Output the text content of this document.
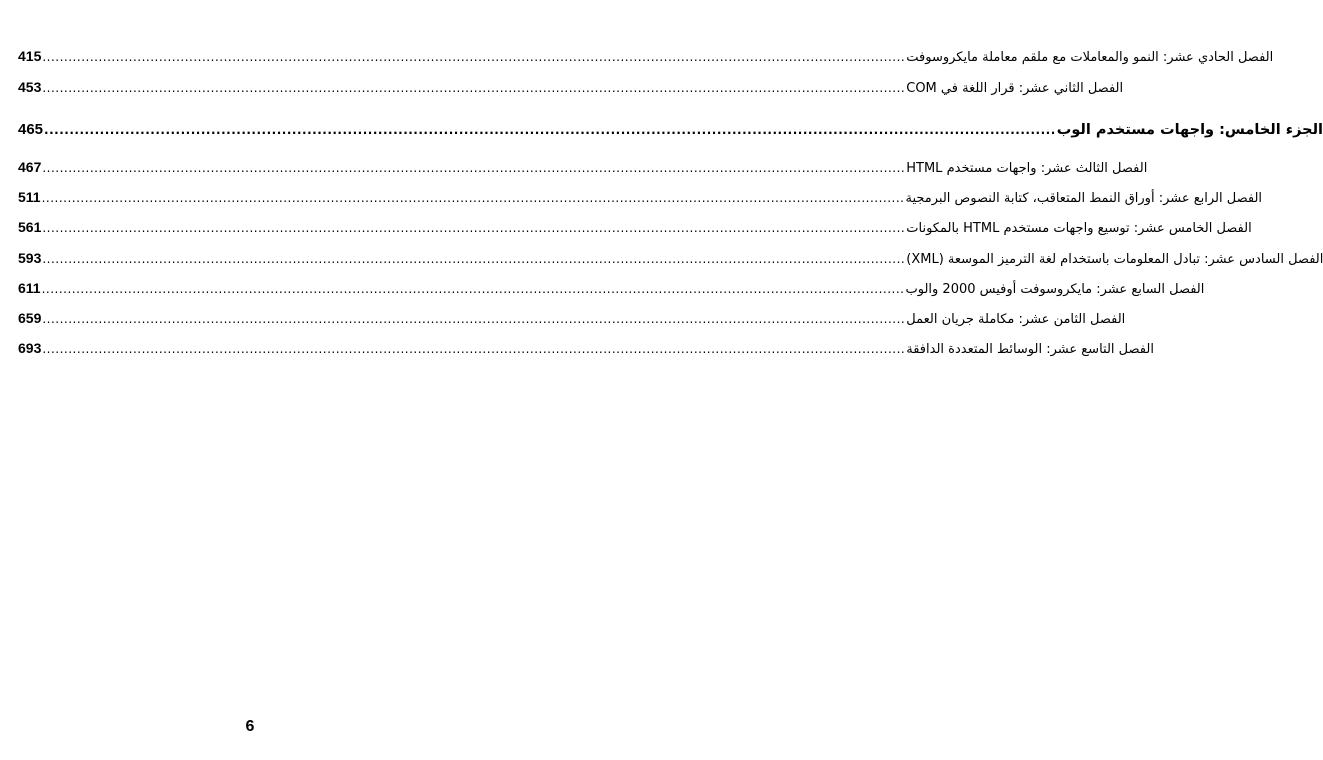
415 .....	الفصل الحادي عشر: النمو والمعاملات مع ملقم معاملة مايكروسوفت
453 .....	الفصل الثاني عشر: قرار اللغة في COM
465 .....	الجزء الخامس: واجهات مستخدم الوب
467 .....	الفصل الثالث عشر: واجهات مستخدم HTML
511 .....	الفصل الرابع عشر: أوراق النمط المتعاقب، كتابة النصوص البرمجية
561 .....	الفصل الخامس عشر: توسيع واجهات مستخدم HTML بالمكونات
593 .....	الفصل السادس عشر: تبادل المعلومات باستخدام لغة الترميز الموسعة (XML)
611 .....	الفصل السابع عشر: مايكروسوفت أوفيس 2000 والوب
659 .....	الفصل الثامن عشر: مكاملة جريان العمل
693 .....	الفصل التاسع عشر: الوسائط المتعددة الدافقة
6
